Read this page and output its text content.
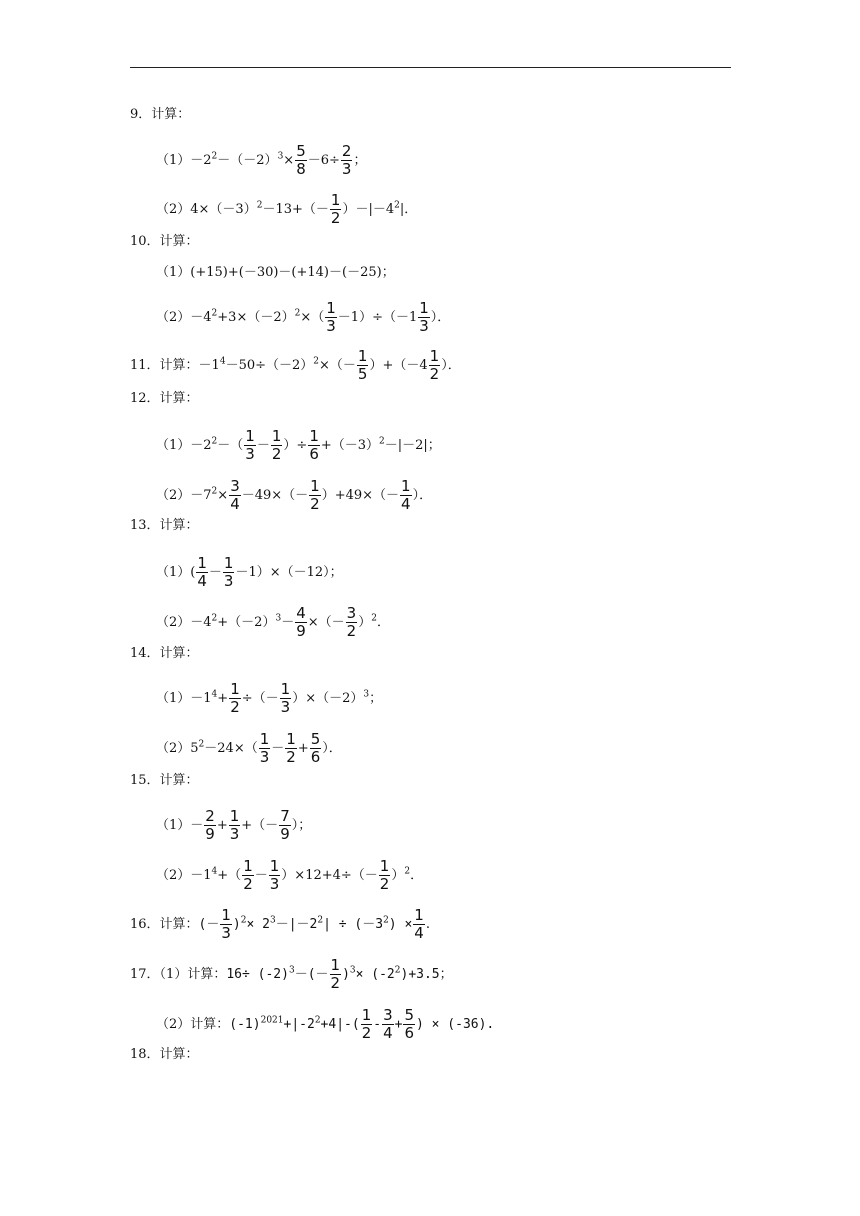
9．计算：
$(1)-2^2-(-2)^3\times \frac{5}{8} -6\div \frac{2}{3}$ ；
$(2)4\times(-3)^2-13+(- \frac{1}{2} )-|-4^2|$．
10．计算：
（1）(+15)+(－30)－(+14)－(－25)；
$(2)-4^2+3\times(-2)^2\times( \frac{1}{3} -1)\div(-1 \frac{1}{3}$ ）．
11．计算：$-1^4-50\div(-2)^2\times(- \frac{1}{5} )+(-4 \frac{1}{2}$ ）．
12．计算：
$(1)-2^2-( \frac{1}{3} - \frac{1}{2}$ ）÷ $\frac{1}{6} +(-3)^2-|-2|$；
$(2)-7^2\times \frac{3}{4} -49\times(- \frac{1}{2} )+49\times(- \frac{1}{4}$ ）．
13．计算：
$(1)( \frac{1}{4} - \frac{1}{3} -1)\times(-12)$；
$(2)-4^2+(-2)^3- \frac{4}{9}$ ×（－ $\frac{3}{2} )^2$．
14．计算：
$(1)-1^4+ \frac{1}{2}$ ÷（－ $\frac{1}{3} )\times(-2)^3$；
$(2)5^2-24\times( \frac{1}{3} - \frac{1}{2} + \frac{5}{6}$ ）．
15．计算：
$(1)- \frac{2}{9} + \frac{1}{3}$ +（－ $\frac{7}{9}$ ）；
$(2)-1^4+( \frac{1}{2} - \frac{1}{3} )\times 12+4\div(- \frac{1}{2} )^2$．
16．计算：(－ $\frac{1}{3} )^2\times 2^3-|-2^2| \div (-3^2) \times \frac{1}{4}$ .
17．（1）计算：$16\div (-2)^3-(- \frac{1}{2} )^3\times (-2^2)+3.5$；
（2）计算：$(-1)^{2021}+|-2^2+4|-( \frac{1}{2} - \frac{3}{4} + \frac{5}{6}$ ) × (-36).
18．计算：
